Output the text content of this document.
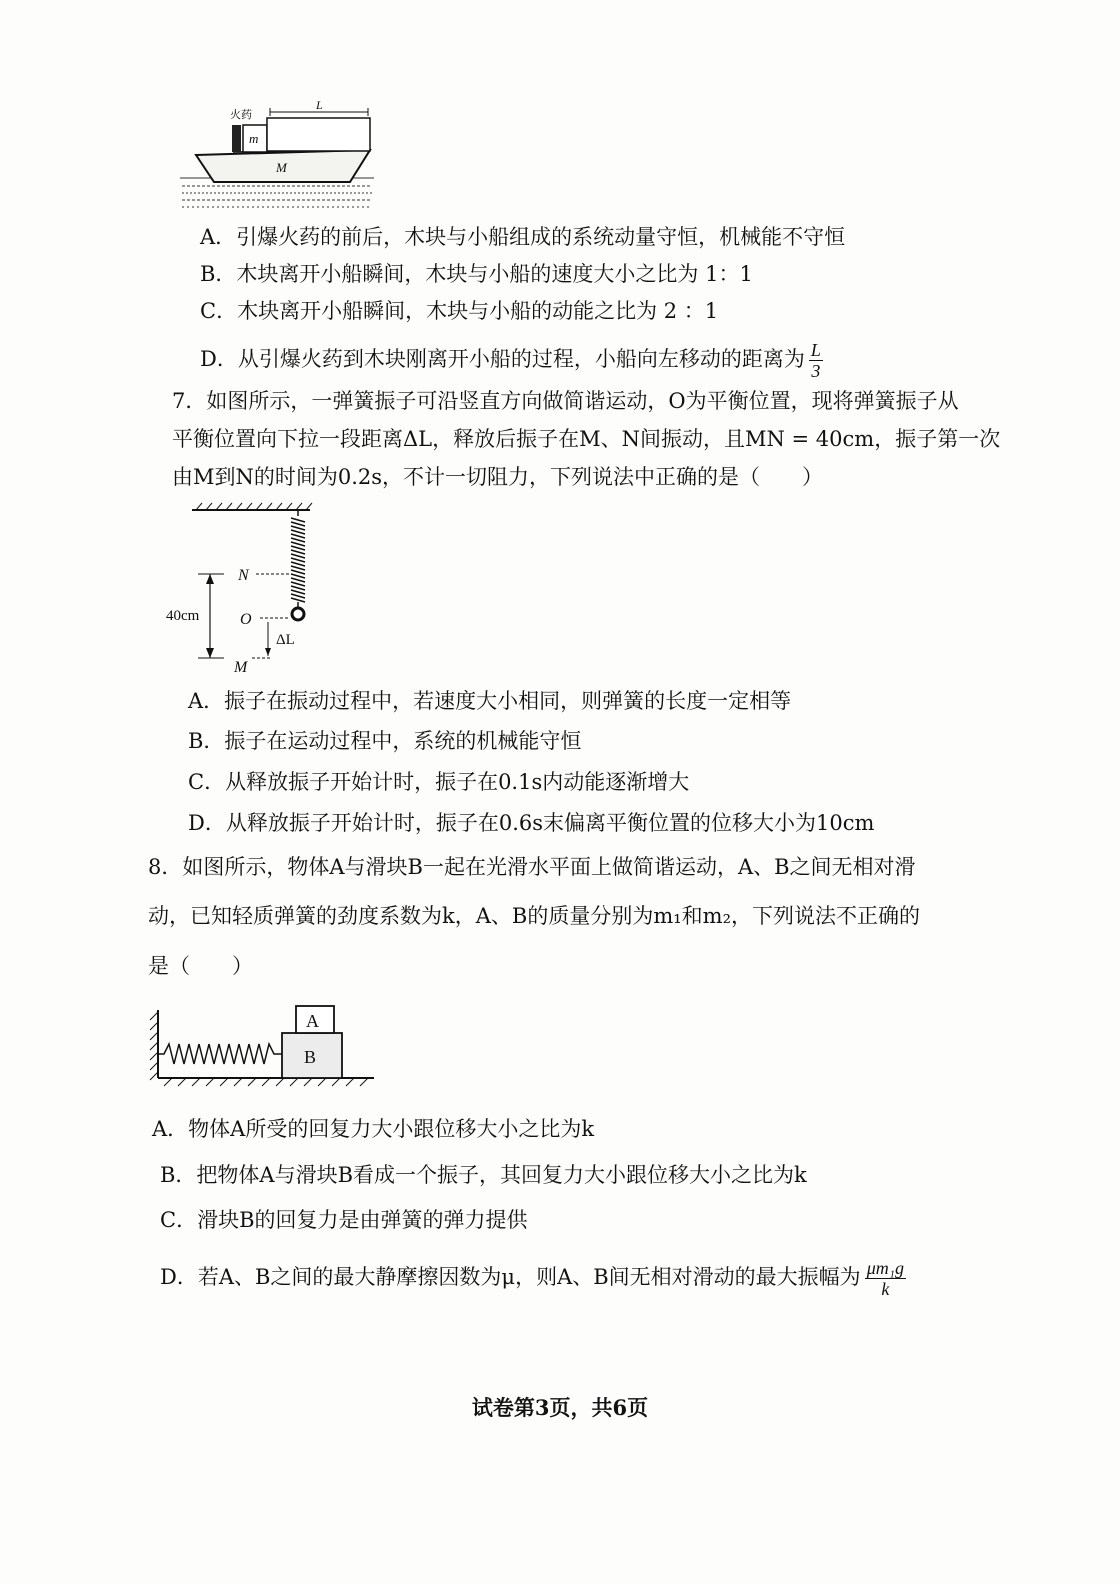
火药
m
L
M
A．引爆火药的前后，木块与小船组成的系统动量守恒，机械能不守恒
B．木块离开小船瞬间，木块与小船的速度大小之比为 1：1
C．木块离开小船瞬间，木块与小船的动能之比为 2 ：1
D．从引爆火药到木块刚离开小船的过程，小船向左移动的距离为 $\frac{L}{3}$
7．如图所示，一弹簧振子可沿竖直方向做简谐运动，O为平衡位置，现将弹簧振子从
平衡位置向下拉一段距离ΔL，释放后振子在M、N间振动，且MN = 40cm，振子第一次
由M到N的时间为0.2s，不计一切阻力，下列说法中正确的是（　　）
N
O
M
40cm
ΔL
A．振子在振动过程中，若速度大小相同，则弹簧的长度一定相等
B．振子在运动过程中，系统的机械能守恒
C．从释放振子开始计时，振子在0.1s内动能逐渐增大
D．从释放振子开始计时，振子在0.6s末偏离平衡位置的位移大小为10cm
8．如图所示，物体A与滑块B一起在光滑水平面上做简谐运动，A、B之间无相对滑
动，已知轻质弹簧的劲度系数为k，A、B的质量分别为m₁和m₂，下列说法不正确的
是（　　）
A
B
A．物体A所受的回复力大小跟位移大小之比为k
B．把物体A与滑块B看成一个振子，其回复力大小跟位移大小之比为k
C．滑块B的回复力是由弹簧的弹力提供
D．若A、B之间的最大静摩擦因数为μ，则A、B间无相对滑动的最大振幅为 $\frac{\text{μm₁g}}{k}$
试卷第3页，共6页
